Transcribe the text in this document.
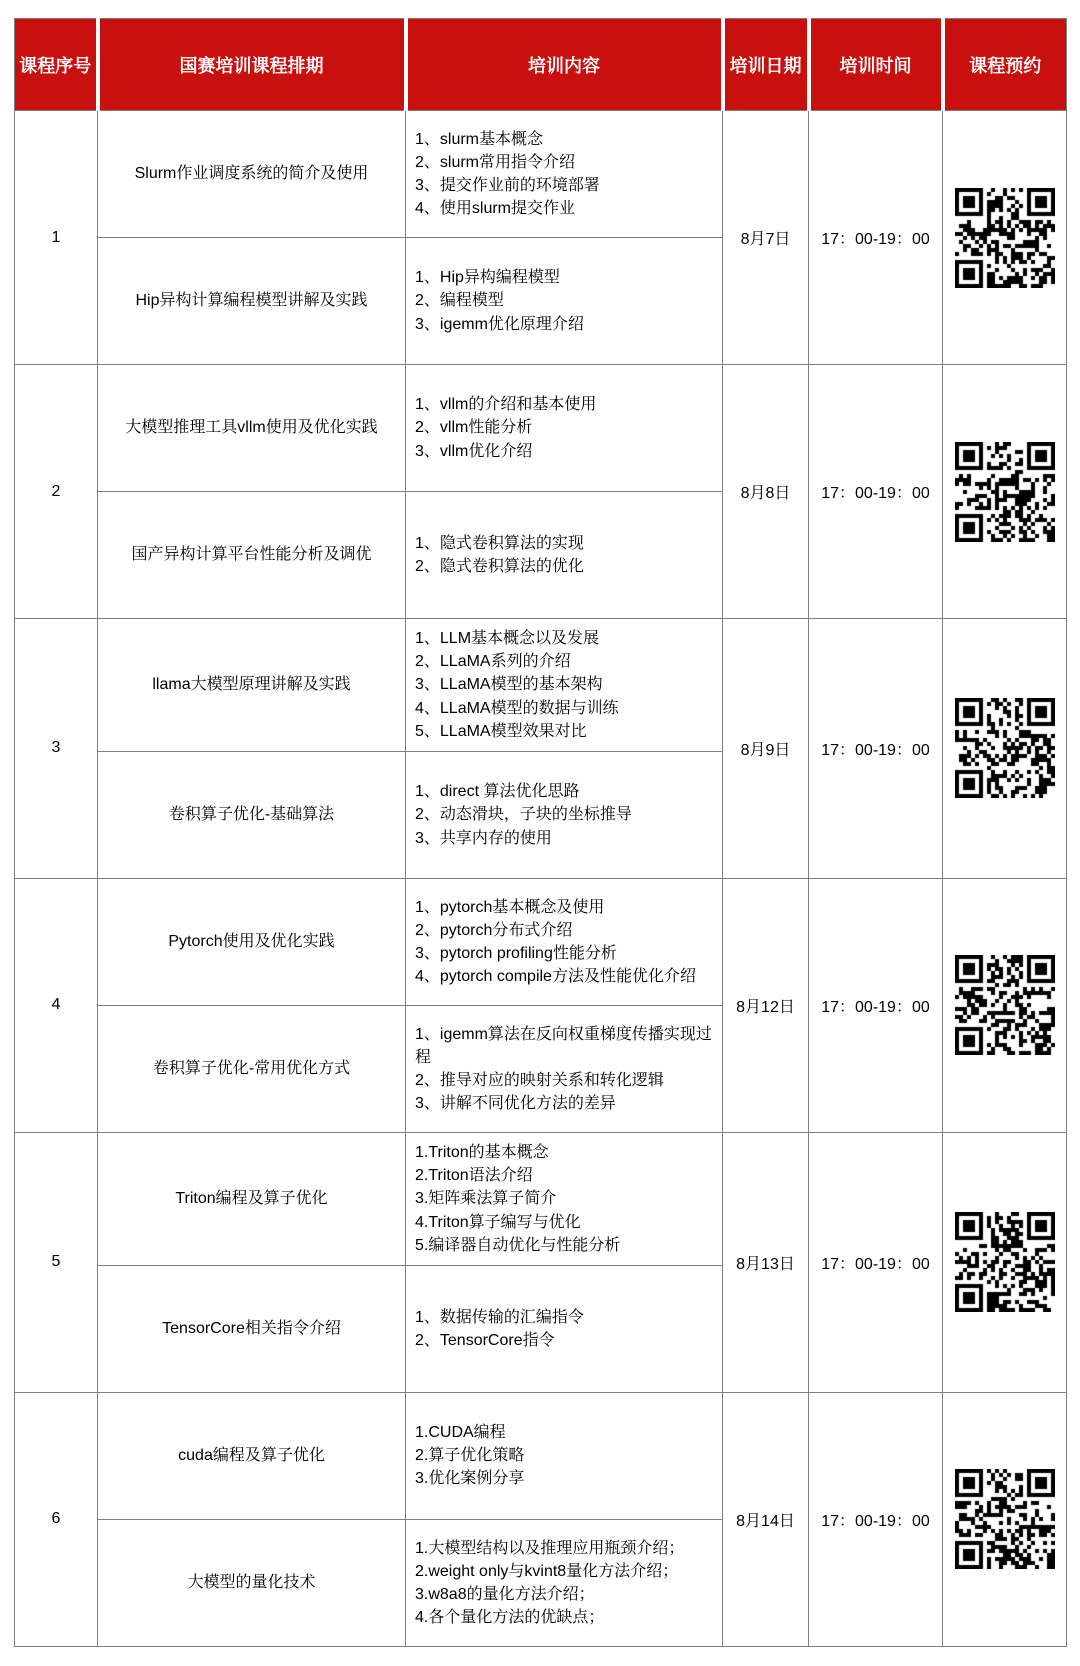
课程序号	国赛培训课程排期	培训内容	培训日期	培训时间	课程预约
1	Slurm作业调度系统的简介及使用	1、slurm基本概念
2、slurm常用指令介绍
3、提交作业前的环境部署
4、使用slurm提交作业	8月7日	17：00-19：00	
	Hip异构计算编程模型讲解及实践	1、Hip异构编程模型
2、编程模型
3、igemm优化原理介绍			

2	大模型推理工具vllm使用及优化实践	1、vllm的介绍和基本使用
2、vllm性能分析
3、vllm优化介绍	8月8日	17：00-19：00	
	国产异构计算平台性能分析及调优	1、隐式卷积算法的实现
2、隐式卷积算法的优化			

3	llama大模型原理讲解及实践	1、LLM基本概念以及发展
2、LLaMA系列的介绍
3、LLaMA模型的基本架构
4、LLaMA模型的数据与训练
5、LLaMA模型效果对比	8月9日	17：00-19：00	
	卷积算子优化-基础算法	1、direct 算法优化思路
2、动态滑块，子块的坐标推导
3、共享内存的使用			

4	Pytorch使用及优化实践	1、pytorch基本概念及使用
2、pytorch分布式介绍
3、pytorch profiling性能分析
4、pytorch compile方法及性能优化介绍	8月12日	17：00-19：00	
	卷积算子优化-常用优化方式	1、igemm算法在反向权重梯度传播实现过程
2、推导对应的映射关系和转化逻辑
3、讲解不同优化方法的差异			

5	Triton编程及算子优化	1.Triton的基本概念
2.Triton语法介绍
3.矩阵乘法算子简介
4.Triton算子编写与优化
5.编译器自动优化与性能分析	8月13日	17：00-19：00	
	TensorCore相关指令介绍	1、数据传输的汇编指令
2、TensorCore指令			

6	cuda编程及算子优化	1.CUDA编程
2.算子优化策略
3.优化案例分享	8月14日	17：00-19：00	
	大模型的量化技术	1.大模型结构以及推理应用瓶颈介绍；
2.weight only与kvint8量化方法介绍；
3.w8a8的量化方法介绍；
4.各个量化方法的优缺点；			
